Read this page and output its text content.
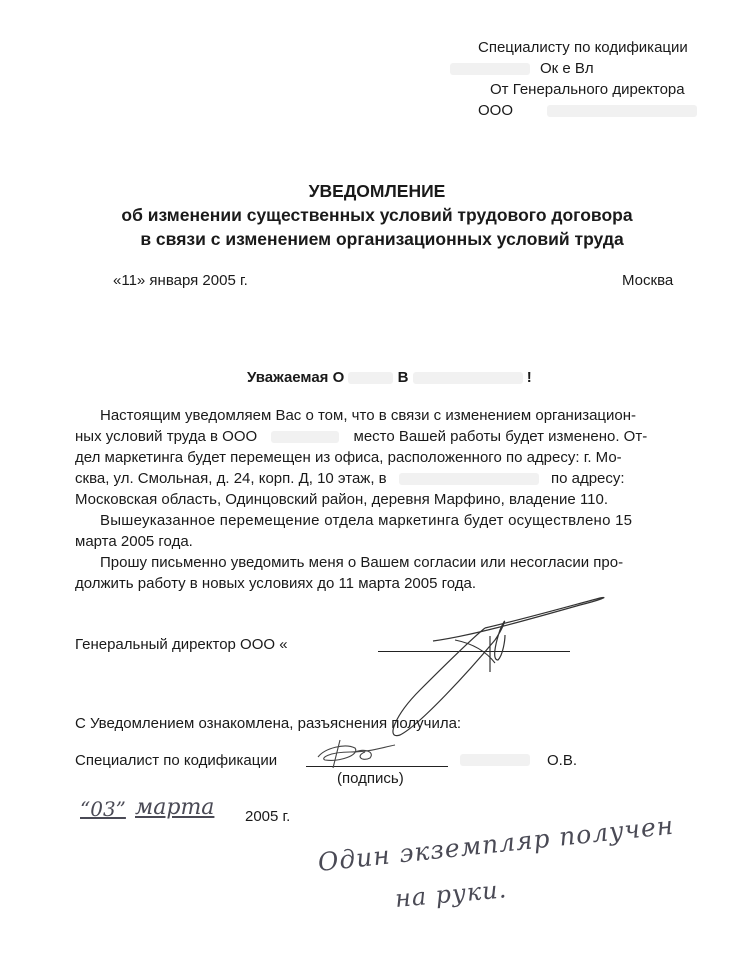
Специалисту по кодификации
Ок е Вл
От Генерального директора
ООО
УВЕДОМЛЕНИЕ
об изменении существенных условий трудового договора
в связи с изменением организационных условий труда
«11» января 2005 г.	Москва
Уважаемая О	В	!
Настоящим уведомляем Вас о том, что в связи с изменением организацион-
ных условий труда в ООО	место Вашей работы будет изменено. От-
дел маркетинга будет перемещен из офиса, расположенного по адресу: г. Мо-
сква, ул. Смольная, д. 24, корп. Д, 10 этаж, в	по адресу:
Московская область, Одинцовский район, деревня Марфино, владение 110.
Вышеуказанное перемещение отдела маркетинга будет осуществлено 15
марта 2005 года.
Прошу письменно уведомить меня о Вашем согласии или несогласии про-
должить работу в новых условиях до 11 марта 2005 года.
Генеральный директор ООО «
С Уведомлением ознакомлена, разъяснения получила:
Специалист по кодификации	О.В.
(подпись)
“03” марта 2005 г. Один экземпляр получен
на руки.
